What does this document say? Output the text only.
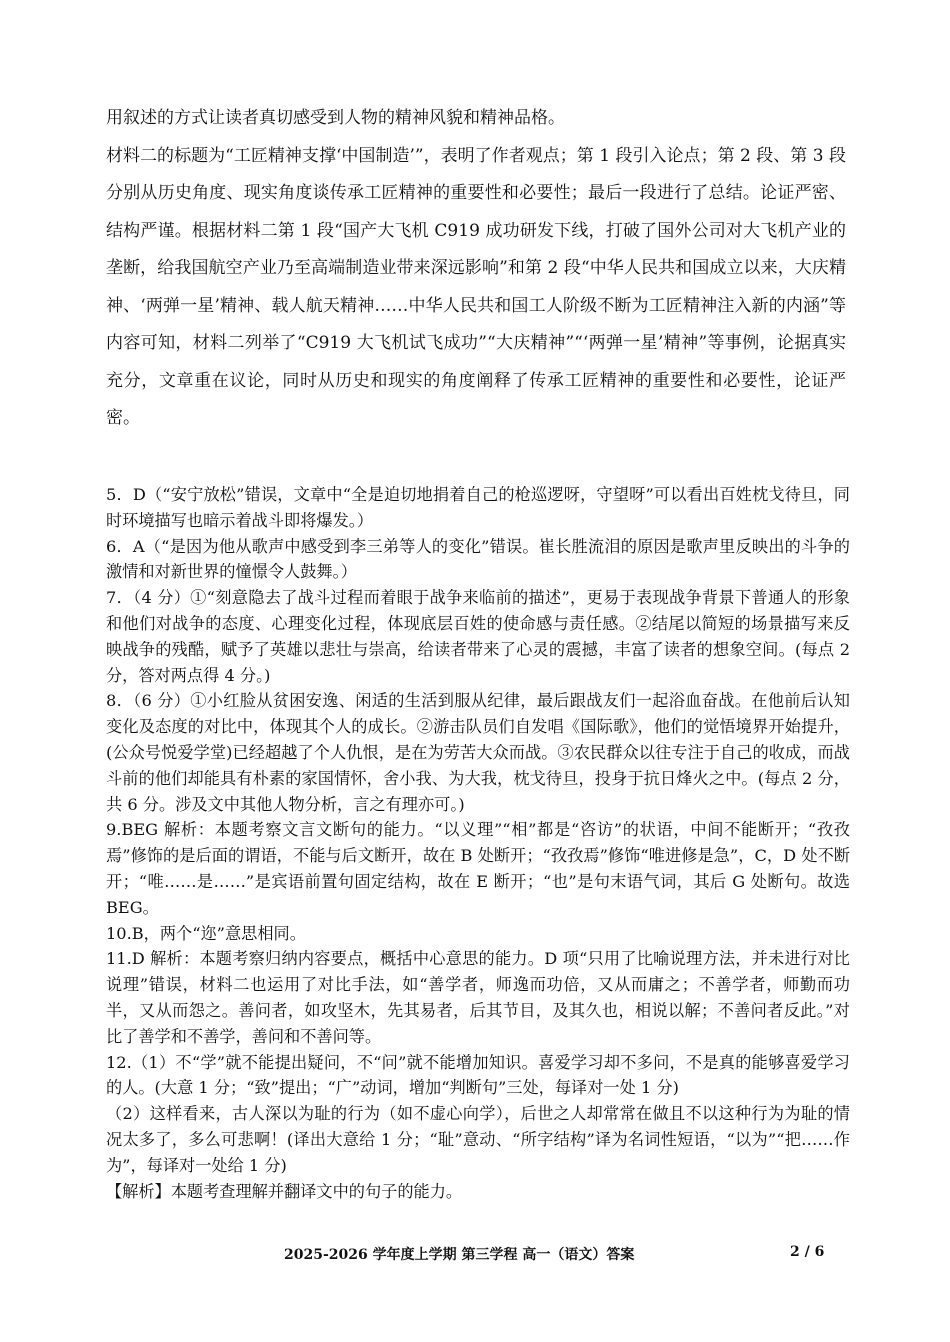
用叙述的方式让读者真切感受到人物的精神风貌和精神品格。

材料二的标题为“工匠精神支撑‘中国制造’”，表明了作者观点；第 1 段引入论点；第 2 段、第 3 段分别从历史角度、现实角度谈传承工匠精神的重要性和必要性；最后一段进行了总结。论证严密、结构严谨。根据材料二第 1 段“国产大飞机 C919 成功研发下线，打破了国外公司对大飞机产业的垄断，给我国航空产业乃至高端制造业带来深远影响”和第 2 段“中华人民共和国成立以来，大庆精神、‘两弹一星’精神、载人航天精神……中华人民共和国工人阶级不断为工匠精神注入新的内涵”等内容可知，材料二列举了“C919 大飞机试飞成功”“大庆精神”“‘两弹一星’精神”等事例，论据真实充分，文章重在议论，同时从历史和现实的角度阐释了传承工匠精神的重要性和必要性，论证严密。

5．D（“安宁放松”错误，文章中“全是迫切地捐着自己的枪巡逻呀，守望呀”可以看出百姓枕戈待旦，同时环境描写也暗示着战斗即将爆发。）

6．A（“是因为他从歌声中感受到李三弟等人的变化”错误。崔长胜流泪的原因是歌声里反映出的斗争的激情和对新世界的憧憬令人鼓舞。）

7．（4 分）①“刻意隐去了战斗过程而着眼于战争来临前的描述”，更易于表现战争背景下普通人的形象和他们对战争的态度、心理变化过程，体现底层百姓的使命感与责任感。②结尾以简短的场景描写来反映战争的残酷，赋予了英雄以悲壮与崇高，给读者带来了心灵的震撼，丰富了读者的想象空间。(每点 2 分，答对两点得 4 分。)

8．（6 分）①小红脸从贫困安逸、闲适的生活到服从纪律，最后跟战友们一起浴血奋战。在他前后认知变化及态度的对比中，体现其个人的成长。②游击队员们自发唱《国际歌》，他们的觉悟境界开始提升，(公众号悦爱学堂)已经超越了个人仇恨，是在为劳苦大众而战。③农民群众以往专注于自己的收成，而战斗前的他们却能具有朴素的家国情怀，舍小我、为大我，枕戈待旦，投身于抗日烽火之中。(每点 2 分，共 6 分。涉及文中其他人物分析，言之有理亦可。)

9.BEG 解析：本题考察文言文断句的能力。“以义理”“相”都是“咨访”的状语，中间不能断开；“孜孜焉”修饰的是后面的谓语，不能与后文断开，故在 B 处断开；“孜孜焉”修饰“唯进修是急”，C，D 处不断开；“唯……是……”是宾语前置句固定结构，故在 E 断开；“也”是句末语气词，其后 G 处断句。故选 BEG。

10.B，两个“迩”意思相同。

11.D 解析：本题考察归纳内容要点，概括中心意思的能力。D 项“只用了比喻说理方法，并未进行对比说理”错误，材料二也运用了对比手法，如“善学者，师逸而功倍，又从而庸之；不善学者，师勤而功半，又从而怨之。善问者，如攻坚木，先其易者，后其节目，及其久也，相说以解；不善问者反此。”对比了善学和不善学，善问和不善问等。

12.（1）不“学”就不能提出疑问，不“问”就不能增加知识。喜爱学习却不多问，不是真的能够喜爱学习的人。(大意 1 分；“致”提出；“广”动词，增加“判断句”三处，每译对一处 1 分)

（2）这样看来，古人深以为耻的行为（如不虚心向学），后世之人却常常在做且不以这种行为为耻的情况太多了，多么可悲啊！(译出大意给 1 分；“耻”意动、“所字结构”译为名词性短语，“以为”“把……作为”，每译对一处给 1 分)

【解析】本题考查理解并翻译文中的句子的能力。

2025-2026 学年度上学期 第三学程 高一（语文）答案	2 / 6
